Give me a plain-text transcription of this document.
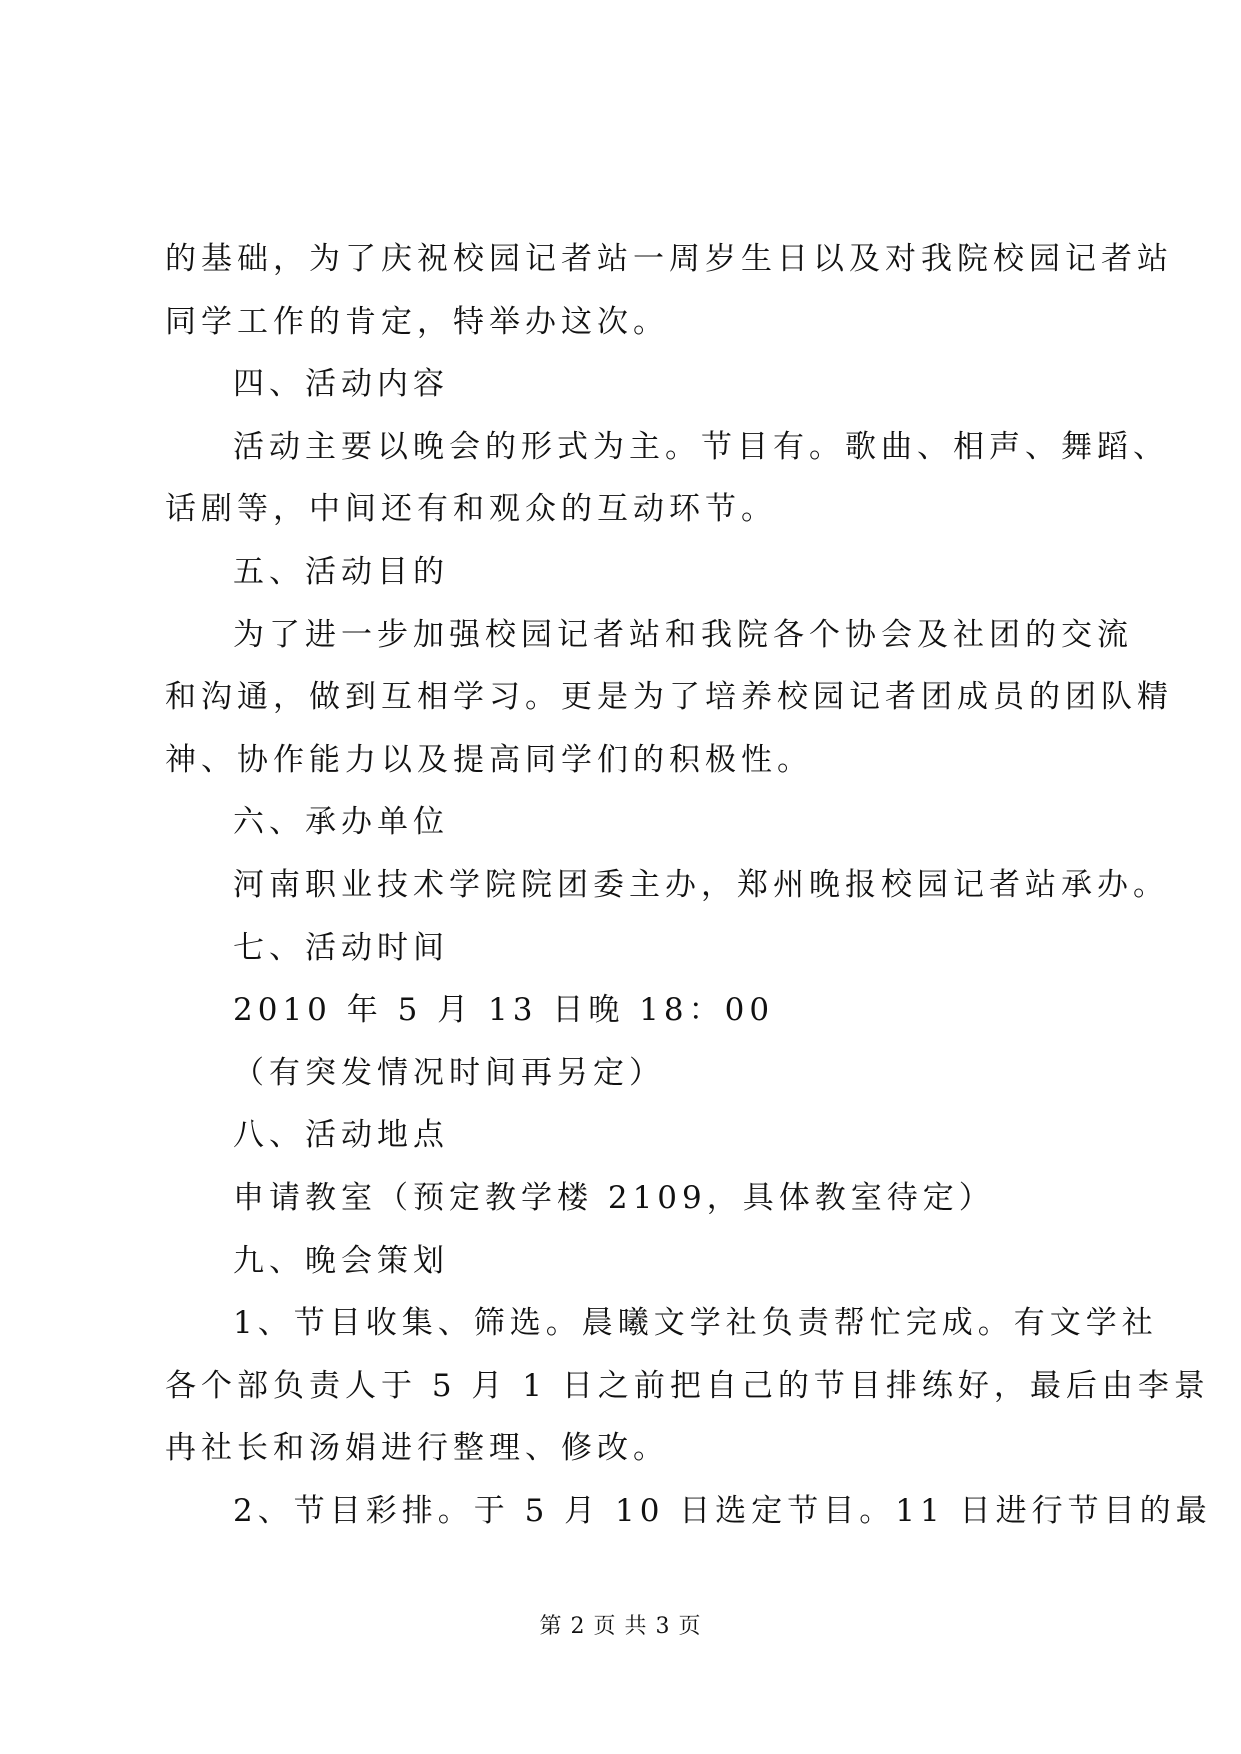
的基础，为了庆祝校园记者站一周岁生日以及对我院校园记者站
同学工作的肯定，特举办这次。
四、活动内容
活动主要以晚会的形式为主。节目有。歌曲、相声、舞蹈、
话剧等，中间还有和观众的互动环节。
五、活动目的
为了进一步加强校园记者站和我院各个协会及社团的交流
和沟通，做到互相学习。更是为了培养校园记者团成员的团队精
神、协作能力以及提高同学们的积极性。
六、承办单位
河南职业技术学院院团委主办，郑州晚报校园记者站承办。
七、活动时间
2010 年 5 月 13 日晚 18：00
（有突发情况时间再另定）
八、活动地点
申请教室（预定教学楼 2109，具体教室待定）
九、晚会策划
1、节目收集、筛选。晨曦文学社负责帮忙完成。有文学社
各个部负责人于 5 月 1 日之前把自己的节目排练好，最后由李景
冉社长和汤娟进行整理、修改。
2、节目彩排。于 5 月 10 日选定节目。11 日进行节目的最
第 2 页 共 3 页
